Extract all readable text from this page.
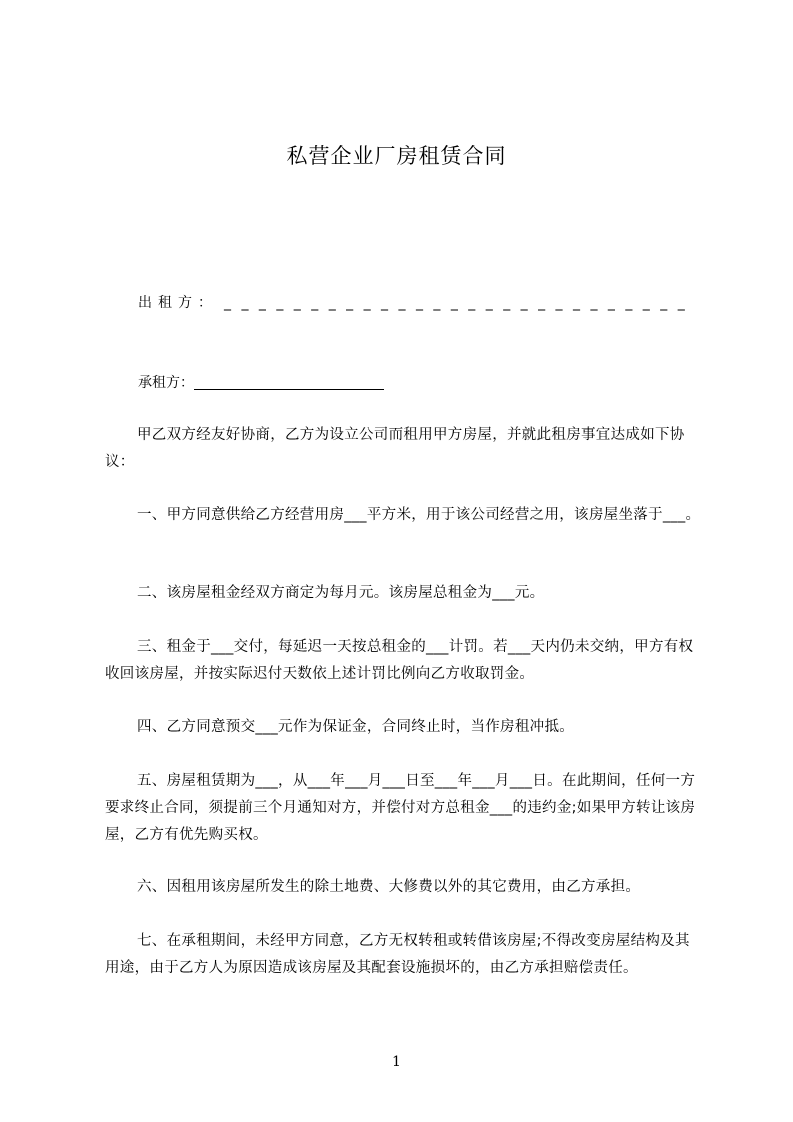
私营企业厂房租赁合同
出租方： _ _ _ _ _ _ _ _ _ _ _ _ _ _ _ _ _ _ _ _ _ _ _ _ _ _ _
承租方：
甲乙双方经友好协商，乙方为设立公司而租用甲方房屋，并就此租房事宜达成如下协议：
一、甲方同意供给乙方经营用房___平方米，用于该公司经营之用，该房屋坐落于___。
二、该房屋租金经双方商定为每月元。该房屋总租金为___元。
三、租金于___交付，每延迟一天按总租金的___计罚。若___天内仍未交纳，甲方有权收回该房屋，并按实际迟付天数依上述计罚比例向乙方收取罚金。
四、乙方同意预交___元作为保证金，合同终止时，当作房租冲抵。
五、房屋租赁期为___，从___年___月___日至___年___月___日。在此期间，任何一方要求终止合同，须提前三个月通知对方，并偿付对方总租金___的违约金;如果甲方转让该房屋，乙方有优先购买权。
六、因租用该房屋所发生的除土地费、大修费以外的其它费用，由乙方承担。
七、在承租期间，未经甲方同意，乙方无权转租或转借该房屋;不得改变房屋结构及其用途，由于乙方人为原因造成该房屋及其配套设施损坏的，由乙方承担赔偿责任。
1
